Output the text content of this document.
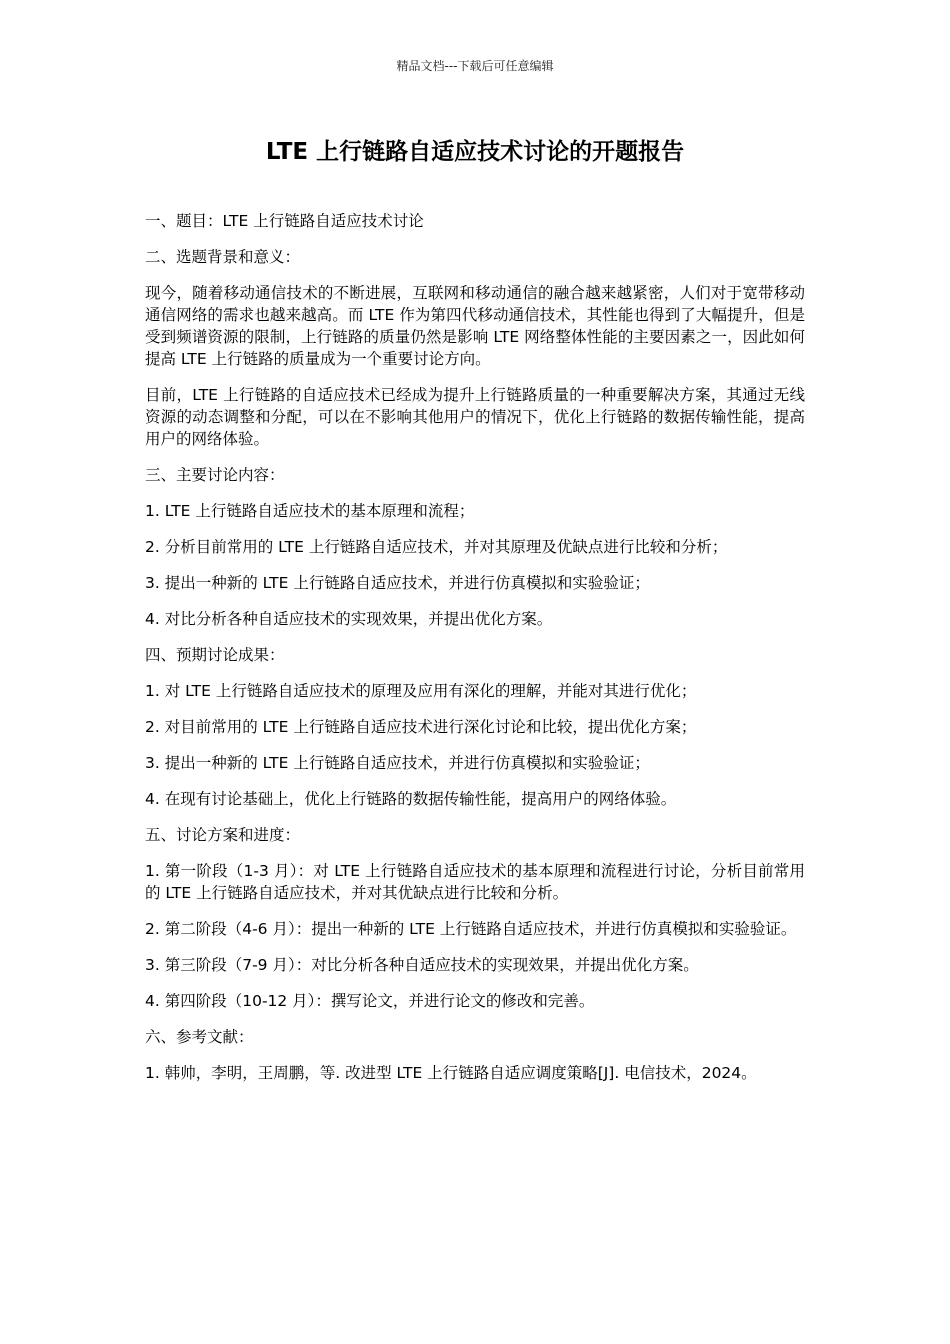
精品文档---下载后可任意编辑
LTE 上行链路自适应技术讨论的开题报告

一、题目：LTE 上行链路自适应技术讨论

二、选题背景和意义：

现今，随着移动通信技术的不断进展，互联网和移动通信的融合越来越紧密，人们对于宽带移动通信网络的需求也越来越高。而 LTE 作为第四代移动通信技术，其性能也得到了大幅提升，但是受到频谱资源的限制，上行链路的质量仍然是影响 LTE 网络整体性能的主要因素之一，因此如何提高 LTE 上行链路的质量成为一个重要讨论方向。

目前，LTE 上行链路的自适应技术已经成为提升上行链路质量的一种重要解决方案，其通过无线资源的动态调整和分配，可以在不影响其他用户的情况下，优化上行链路的数据传输性能，提高用户的网络体验。

三、主要讨论内容：

1. LTE 上行链路自适应技术的基本原理和流程；

2. 分析目前常用的 LTE 上行链路自适应技术，并对其原理及优缺点进行比较和分析；

3. 提出一种新的 LTE 上行链路自适应技术，并进行仿真模拟和实验验证；

4. 对比分析各种自适应技术的实现效果，并提出优化方案。

四、预期讨论成果：

1. 对 LTE 上行链路自适应技术的原理及应用有深化的理解，并能对其进行优化；

2. 对目前常用的 LTE 上行链路自适应技术进行深化讨论和比较，提出优化方案；

3. 提出一种新的 LTE 上行链路自适应技术，并进行仿真模拟和实验验证；

4. 在现有讨论基础上，优化上行链路的数据传输性能，提高用户的网络体验。

五、讨论方案和进度：

1. 第一阶段（1-3 月）：对 LTE 上行链路自适应技术的基本原理和流程进行讨论，分析目前常用的 LTE 上行链路自适应技术，并对其优缺点进行比较和分析。

2. 第二阶段（4-6 月）：提出一种新的 LTE 上行链路自适应技术，并进行仿真模拟和实验验证。

3. 第三阶段（7-9 月）：对比分析各种自适应技术的实现效果，并提出优化方案。

4. 第四阶段（10-12 月）：撰写论文，并进行论文的修改和完善。

六、参考文献：

1. 韩帅，李明，王周鹏，等. 改进型 LTE 上行链路自适应调度策略[J]. 电信技术，2024。
